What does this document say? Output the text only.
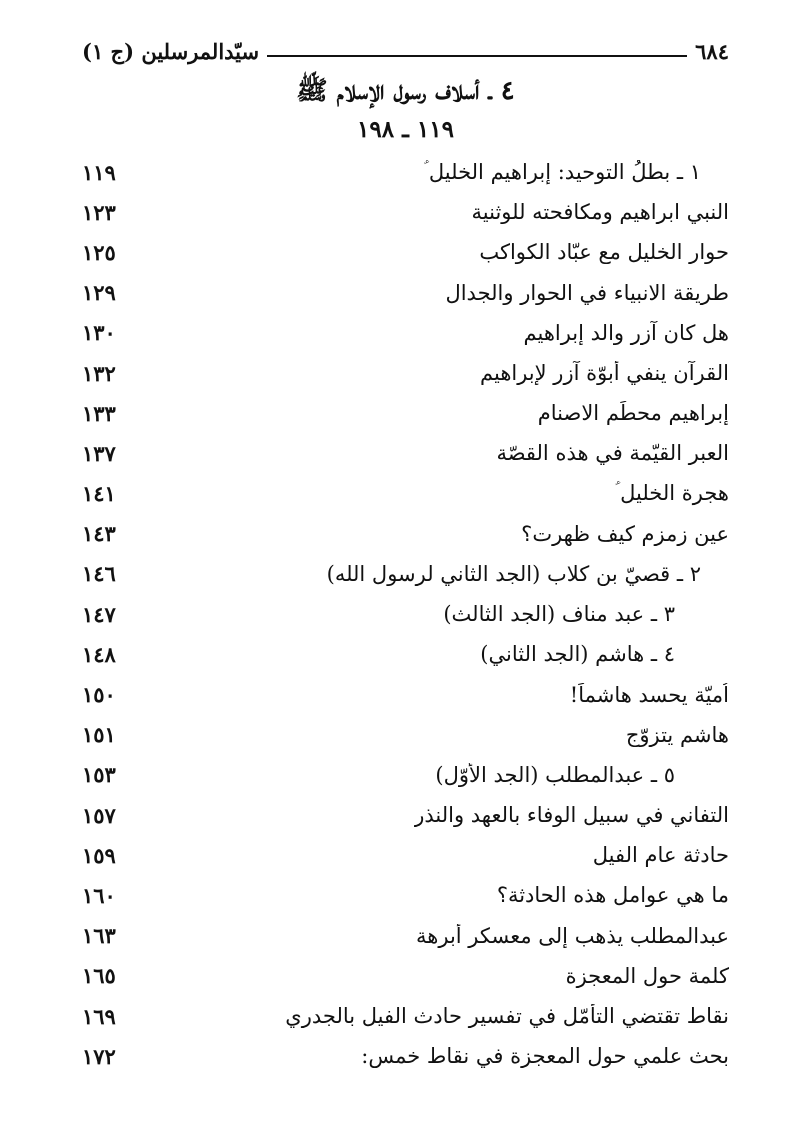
٦٨٤
سيّدالمرسلين (ج ١)
٤ ـ أسلاف رسول الإسلام ﷺ
١١٩ ـ ١٩٨
١ ـ بطلُ التوحيد: إبراهيم الخليل ؑ
١١٩
النبي ابراهيم ومكافحته للوثنية
١٢٣
حوار الخليل مع عبّاد الكواكب
١٢٥
طريقة الانبياء في الحوار والجدال
١٢٩
هل كان آزر والد إبراهيم
١٣٠
القرآن ينفي أبوّة آزر لإبراهيم
١٣٢
إبراهيم محطِّم الاصنام
١٣٣
العبر القيّمة في هذه القصّة
١٣٧
هجرة الخليل ؑ
١٤١
عين زمزم كيف ظهرت؟
١٤٣
٢ ـ قصيّ بن كلاب (الجد الثاني لرسول الله)
١٤٦
٣ ـ عبد مناف (الجد الثالث)
١٤٧
٤ ـ هاشم (الجد الثاني)
١٤٨
اُميّة يحسد هاشماً!
١٥٠
هاشم يتزوّج
١٥١
٥ ـ عبدالمطلب (الجد الأوّل)
١٥٣
التفاني في سبيل الوفاء بالعهد والنذر
١٥٧
حادثة عام الفيل
١٥٩
ما هي عوامل هذه الحادثة؟
١٦٠
عبدالمطلب يذهب إلى معسكر أبرهة
١٦٣
كلمة حول المعجزة
١٦٥
نقاط تقتضي التأمّل في تفسير حادث الفيل بالجدري
١٦٩
بحث علمي حول المعجزة في نقاط خمس:
١٧٢
